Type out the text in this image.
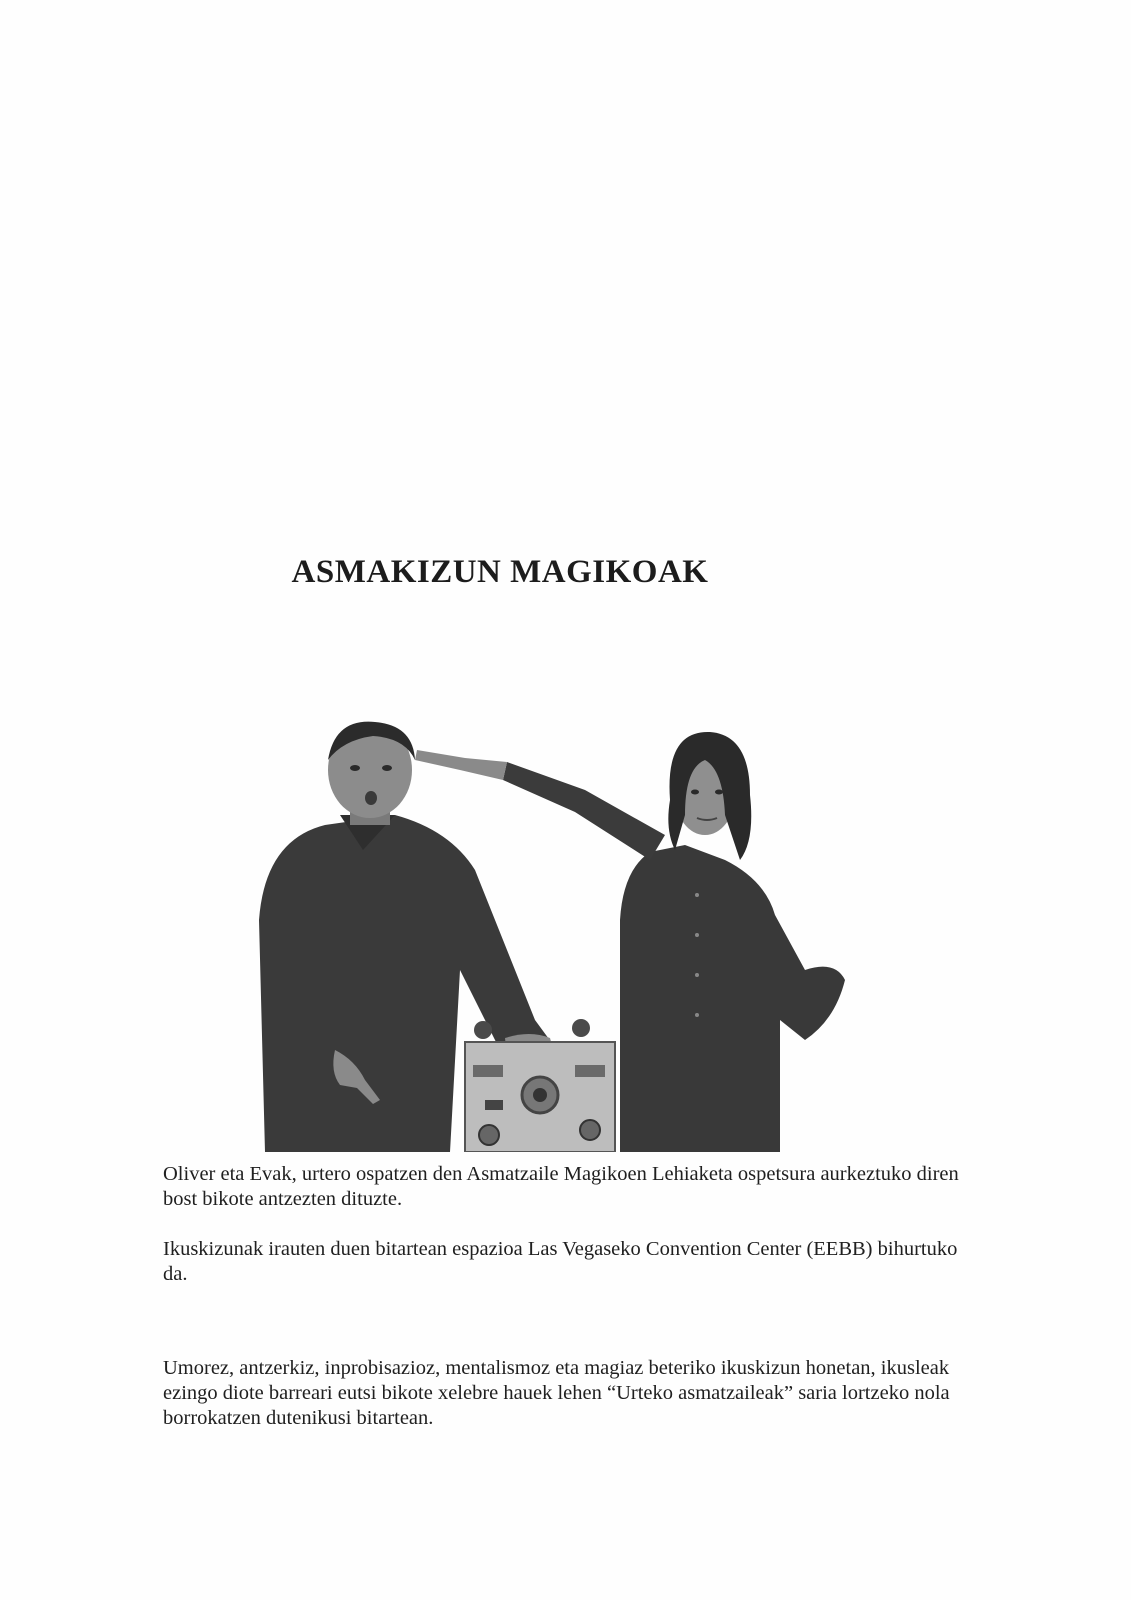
ASMAKIZUN MAGIKOAK

Oliver eta Evak, urtero ospatzen den Asmatzaile Magikoen Lehiaketa ospetsura aurkeztuko diren bost bikote antzezten dituzte.

Ikuskizunak irauten duen bitartean espazioa Las Vegaseko Convention Center (EEBB) bihurtuko da.

Umorez, antzerkiz, inprobisazioz, mentalismoz eta magiaz beteriko ikuskizun honetan, ikusleak ezingo diote barreari eutsi bikote xelebre hauek lehen “Urteko asmatzaileak” saria lortzeko nola borrokatzen dutenikusi bitartean.
